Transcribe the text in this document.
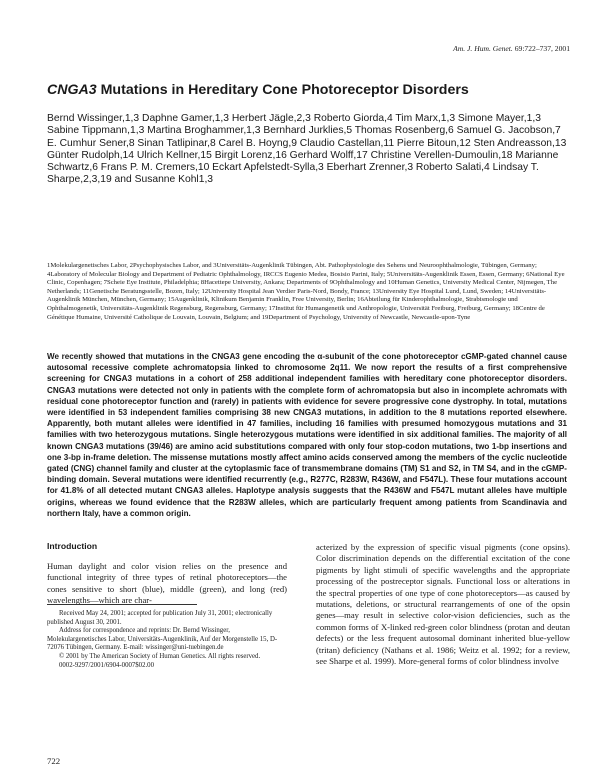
Am. J. Hum. Genet. 69:722–737, 2001
CNGA3 Mutations in Hereditary Cone Photoreceptor Disorders
Bernd Wissinger,1,3 Daphne Gamer,1,3 Herbert Jägle,2,3 Roberto Giorda,4 Tim Marx,1,3 Simone Mayer,1,3 Sabine Tippmann,1,3 Martina Broghammer,1,3 Bernhard Jurklies,5 Thomas Rosenberg,6 Samuel G. Jacobson,7 E. Cumhur Sener,8 Sinan Tatlipinar,8 Carel B. Hoyng,9 Claudio Castellan,11 Pierre Bitoun,12 Sten Andreasson,13 Günter Rudolph,14 Ulrich Kellner,15 Birgit Lorenz,16 Gerhard Wolff,17 Christine Verellen-Dumoulin,18 Marianne Schwartz,6 Frans P. M. Cremers,10 Eckart Apfelstedt-Sylla,3 Eberhart Zrenner,3 Roberto Salati,4 Lindsay T. Sharpe,2,3,19 and Susanne Kohl1,3
1Molekulargenetisches Labor, 2Psychophysisches Labor, and 3Universitäts-Augenklinik Tübingen, Abt. Pathophysiologie des Sehens und Neuroophthalmologie, Tübingen, Germany; 4Laboratory of Molecular Biology and Department of Pediatric Ophthalmology, IRCCS Eugenio Medea, Bosisio Parini, Italy; 5Universitäts-Augenklinik Essen, Essen, Germany; 6National Eye Clinic, Copenhagen; 7Scheie Eye Institute, Philadelphia; 8Hacettepe University, Ankara; Departments of 9Ophthalmology and 10Human Genetics, University Medical Center, Nijmegen, The Netherlands; 11Genetische Beratungsstelle, Bozen, Italy; 12University Hospital Jean Verdier Paris-Nord, Bondy, France; 13University Eye Hospital Lund, Lund, Sweden; 14Universitäts-Augenklinik München, München, Germany; 15Augenklinik, Klinikum Benjamin Franklin, Free University, Berlin; 16Abteilung für Kinderophthalmologie, Strabismologie und Ophthalmogenetik, Universitäts-Augenklinik Regensburg, Regensburg, Germany; 17Institut für Humangenetik und Anthropologie, Universität Freiburg, Freiburg, Germany; 18Centre de Génétique Humaine, Université Catholique de Louvain, Louvain, Belgium; and 19Department of Psychology, University of Newcastle, Newcastle-upon-Tyne
We recently showed that mutations in the CNGA3 gene encoding the α-subunit of the cone photoreceptor cGMP-gated channel cause autosomal recessive complete achromatopsia linked to chromosome 2q11. We now report the results of a first comprehensive screening for CNGA3 mutations in a cohort of 258 additional independent families with hereditary cone photoreceptor disorders. CNGA3 mutations were detected not only in patients with the complete form of achromatopsia but also in incomplete achromats with residual cone photoreceptor function and (rarely) in patients with evidence for severe progressive cone dystrophy. In total, mutations were identified in 53 independent families comprising 38 new CNGA3 mutations, in addition to the 8 mutations reported elsewhere. Apparently, both mutant alleles were identified in 47 families, including 16 families with presumed homozygous mutations and 31 families with two heterozygous mutations. Single heterozygous mutations were identified in six additional families. The majority of all known CNGA3 mutations (39/46) are amino acid substitutions compared with only four stop-codon mutations, two 1-bp insertions and one 3-bp in-frame deletion. The missense mutations mostly affect amino acids conserved among the members of the cyclic nucleotide gated (CNG) channel family and cluster at the cytoplasmic face of transmembrane domains (TM) S1 and S2, in TM S4, and in the cGMP-binding domain. Several mutations were identified recurrently (e.g., R277C, R283W, R436W, and F547L). These four mutations account for 41.8% of all detected mutant CNGA3 alleles. Haplotype analysis suggests that the R436W and F547L mutant alleles have multiple origins, whereas we found evidence that the R283W alleles, which are particularly frequent among patients from Scandinavia and northern Italy, have a common origin.
Introduction
Human daylight and color vision relies on the presence and functional integrity of three types of retinal photoreceptors—the cones sensitive to short (blue), middle (green), and long (red) wavelengths—which are char-

Received May 24, 2001; accepted for publication July 31, 2001; electronically published August 30, 2001.

Address for correspondence and reprints: Dr. Bernd Wissinger, Molekulargenetisches Labor, Universitäts-Augenklinik, Auf der Morgenstelle 15, D-72076 Tübingen, Germany. E-mail: wissinger@uni-tuebingen.de

© 2001 by The American Society of Human Genetics. All rights reserved.

0002-9297/2001/6904-0007$02.00

acterized by the expression of specific visual pigments (cone opsins). Color discrimination depends on the differential excitation of the cone pigments by light stimuli of specific wavelengths and the appropriate processing of the postreceptor signals. Functional loss or alterations in the spectral properties of one type of cone photoreceptors—as caused by mutations, deletions, or structural rearrangements of one of the opsin genes—may result in selective color-vision deficiencies, such as the common forms of X-linked red-green color blindness (protan and deutan defects) or the less frequent autosomal dominant inherited blue-yellow (tritan) deficiency (Nathans et al. 1986; Weitz et al. 1992; for a review, see Sharpe et al. 1999). More-general forms of color blindness involve
722
